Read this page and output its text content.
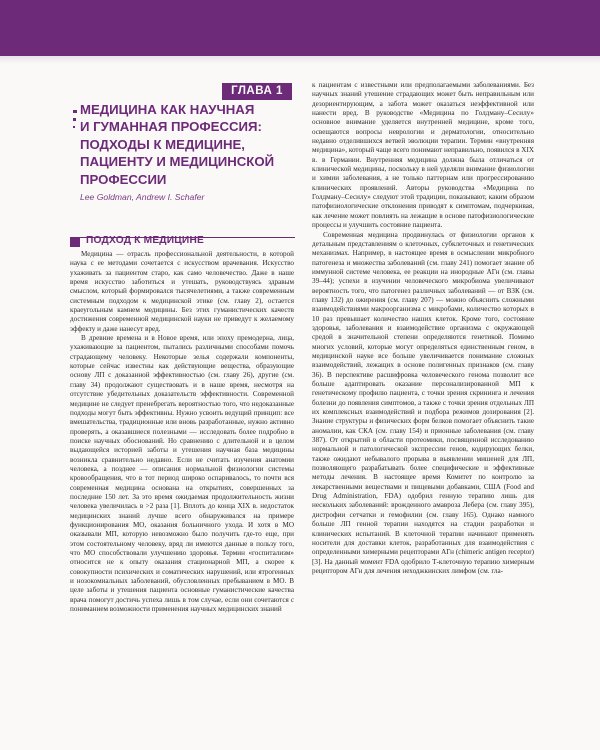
ГЛАВА 1
МЕДИЦИНА КАК НАУЧНАЯ
И ГУМАННАЯ ПРОФЕССИЯ:
ПОДХОДЫ К МЕДИЦИНЕ,
ПАЦИЕНТУ И МЕДИЦИНСКОЙ
ПРОФЕССИИ
Lee Goldman, Andrew I. Schafer
ПОДХОД К МЕДИЦИНЕ

Медицина — отрасль профессиональной деятельности, в которой наука с ее методами сочетается с искусством врачевания. Искусство ухаживать за пациентом старо, как само человечество. Даже в наше время искусство заботиться и утешать, руководствуясь здравым смыслом, который формировался тысячелетиями, а также современным системным подходом к медицинской этике (см. главу 2), остается краеугольным камнем медицины. Без этих гуманистических качеств достижения современной медицинской науки не приведут к желаемому эффекту и даже нанесут вред.

В древние времена и в Новое время, или эпоху премодерна, лица, ухаживающие за пациентом, пытались различными способами помочь страдающему человеку. Некоторые зелья содержали компоненты, которые сейчас известны как действующие вещества, образующие основу ЛП с доказанной эффективностью (см. главу 26), другие (см. главу 34) продолжают существовать и в наше время, несмотря на отсутствие убедительных доказательств эффективности. Современной медицине не следует пренебрегать вероятностью того, что недоказанные подходы могут быть эффективны. Нужно усвоить ведущий принцип: все вмешательства, традиционные или вновь разработанные, нужно активно проверять, а оказавшиеся полезными — исследовать более подробно в поиске научных обоснований. Но сравнению с длительной и в целом выдающейся историей заботы и утешения научная база медицины возникла сравнительно недавно. Если не считать изучения анатомии человека, а позднее — описания нормальной физиологии системы кровообращения, что в тот период широко оспаривалось, то почти вся современная медицина основана на открытиях, совершенных за последние 150 лет. За это время ожидаемая продолжительность жизни человека увеличилась в >2 раза [1]. Вплоть до конца XIX в. недостаток медицинских знаний лучше всего обнаруживался на примере функционирования МО, оказания больничного ухода. И хотя в МО оказывали МП, которую невозможно было получить где-то еще, при этом состоятельному человеку, вряд ли имеются данные в пользу того, что МО способствовали улучшению здоровья. Термин «госпитализм» относится не к опыту оказания стационарной МП, а скорее к совокупности психических и соматических нарушений, или ятрогенных и нозокомиальных заболеваний, обусловленных пребыванием в МО. В целе заботы и утешения пациента основные гуманистические качества врача помогут достичь успеха лишь в том случае, если они сочетаются с пониманием возможности применения научных медицинских знаний

к пациентам с известными или предполагаемыми заболеваниями. Без научных знаний утешение страдающих может быть неправильным или дезориентирующим, а забота может оказаться неэффективной или нанести вред. В руководстве «Медицина по Голдману–Сесилу» основное внимание уделяется внутренней медицине, кроме того, освещаются вопросы неврологии и дерматологии, относительно недавно отделившихся ветвей эволюции терапии. Термин «внутренняя медицина», который чаще всего понимают неправильно, появился в XIX в. в Германии. Внутренняя медицина должна была отличаться от клинической медицины, поскольку в ней уделяли внимание физиологии и химии заболевания, а не только паттернам или прогрессированию клинических проявлений. Авторы руководства «Медицина по Голдману–Сесилу» следуют этой традиции, показывают, каким образом патофизиологические отклонения приводят к симптомам, подчеркивая, как лечение может повлиять на лежащие в основе патофизиологические процессы и улучшить состояние пациента.

Современная медицина продвинулась от физиологии органов к детальным представлениям о клеточных, субклеточных и генетических механизмах. Например, в настоящее время в осмыслении микробного патогенеза и множества заболеваний (см. главу 241) помогает знание об иммунной системе человека, ее реакции на инородные АГн (см. главы 39–44); успехи в изучении человеческого микробиома увеличивают вероятность того, что патогенез различных заболеваний — от ВЗК (см. главу 132) до ожирения (см. главу 207) — можно объяснить сложными взаимодействиями макроорганизма с микробами, количество которых в 10 раз превышает количество наших клеток. Кроме того, состояние здоровья, заболевания и взаимодействие организма с окружающей средой в значительной степени определяются генетикой. Помимо многих условий, которые могут определяться единственным геном, в медицинской науке все больше увеличивается понимание сложных взаимодействий, лежащих в основе полигенных признаков (см. главу 36). В перспективе расшифровка человеческого генома позволит все больше адаптировать оказание персонализированной МП к генетическому профилю пациента, с точки зрения скрининга и лечения болезни до появления симптомов, а также с точки зрения отдельных ЛП их комплексных взаимодействий и подбора режимов дозирования [2]. Знание структуры и физических форм белков помогает объяснить такие аномалии, как СКА (см. главу 154) и прионные заболевания (см. главу 387). От открытий в области протеомики, посвященной исследованию нормальной и патологической экспрессии генов, кодирующих белки, также ожидают небывалого прорыва в выявлении мишеней для ЛП, позволяющего разрабатывать более специфические и эффективные методы лечения. В настоящее время Комитет по контролю за лекарственными веществами и пищевыми добавками, США (Food and Drug Administration, FDA) одобрил генную терапию лишь для нескольких заболеваний: врожденного амавроза Лебера (см. главу 395), дистрофии сетчатки и гемофилии (см. главу 165). Однако намного больше ЛП генной терапии находятся на стадии разработки и клинических испытаний. В клеточной терапии начинают применять носители для доставки клеток, разработанных для взаимодействия с определенными химерными рецепторами АГн (chimeric antigen receptor) [3]. На данный момент FDA одобрило Т-клеточную терапию химерным рецептором АГн для лечения неходжкинских лимфом (см. гла-
